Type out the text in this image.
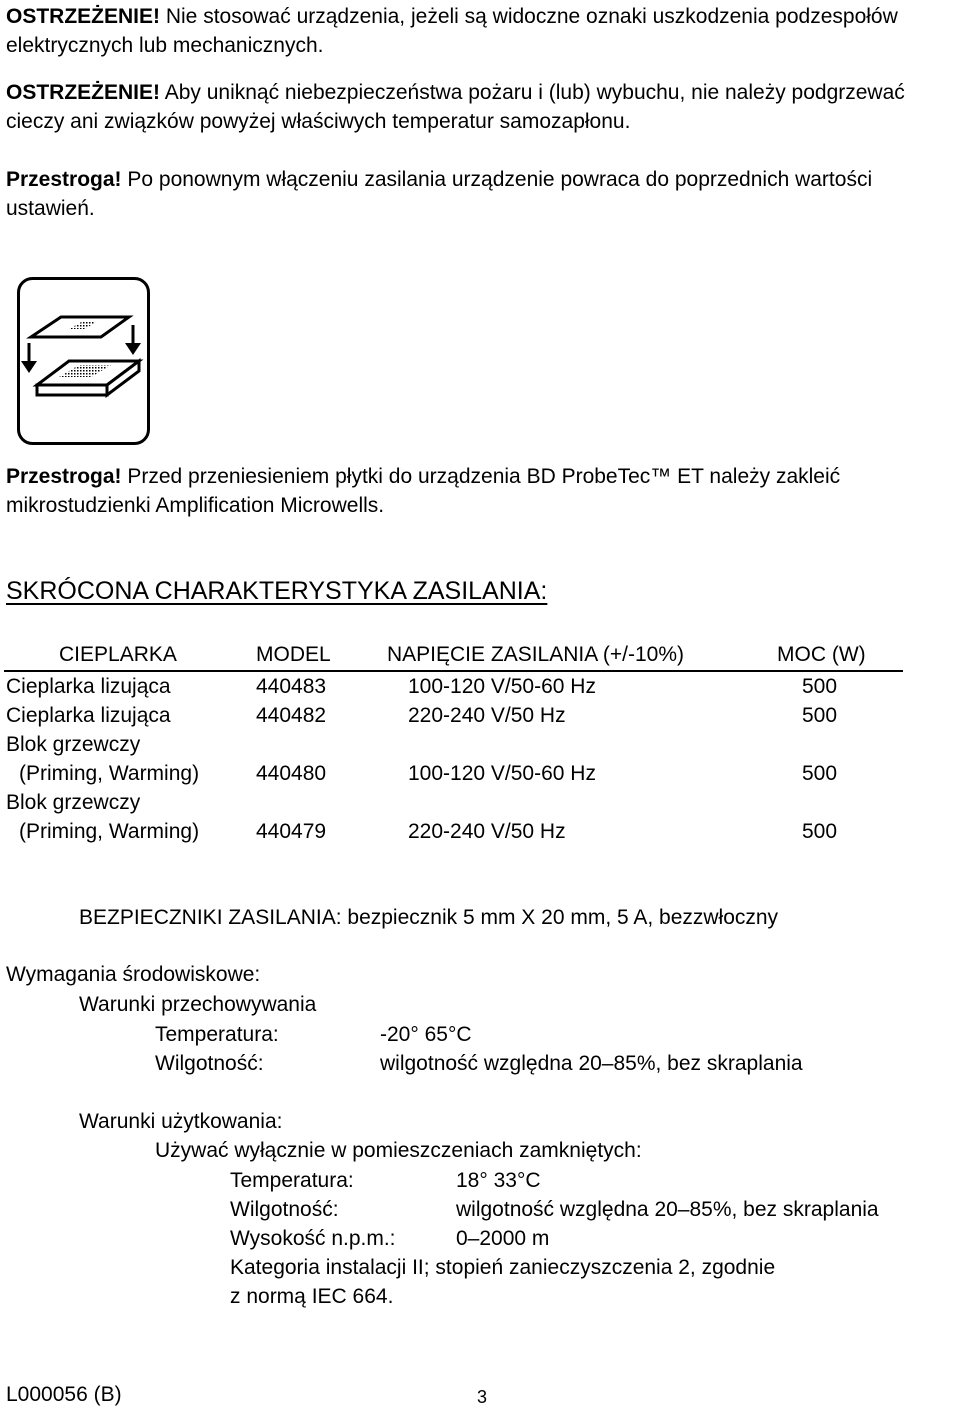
OSTRZEŻENIE! Nie stosować urządzenia, jeżeli są widoczne oznaki uszkodzenia podzespołów elektrycznych lub mechanicznych.
OSTRZEŻENIE! Aby uniknąć niebezpieczeństwa pożaru i (lub) wybuchu, nie należy podgrzewać cieczy ani związków powyżej właściwych temperatur samozapłonu.
Przestroga! Po ponownym włączeniu zasilania urządzenie powraca do poprzednich wartości ustawień.
Przestroga! Przed przeniesieniem płytki do urządzenia BD ProbeTec™ ET należy zakleić mikrostudzienki Amplification Microwells.
SKRÓCONA CHARAKTERYSTYKA ZASILANIA:
CIEPLARKA	MODEL	NAPIĘCIE ZASILANIA (+/-10%)	MOC (W)
Cieplarka lizująca	440483	100-120 V/50-60 Hz	500
Cieplarka lizująca	440482	220-240 V/50 Hz	500
Blok grzewczy
(Priming, Warming)	440480	100-120 V/50-60 Hz	500
Blok grzewczy
(Priming, Warming)	440479	220-240 V/50 Hz	500
BEZPIECZNIKI ZASILANIA: bezpiecznik 5 mm X 20 mm, 5 A, bezzwłoczny
Wymagania środowiskowe:
Warunki przechowywania
Temperatura:	-20° 65°C
Wilgotność:	wilgotność względna 20–85%, bez skraplania
Warunki użytkowania:
Używać wyłącznie w pomieszczeniach zamkniętych:
Temperatura:	18° 33°C
Wilgotność:	wilgotność względna 20–85%, bez skraplania
Wysokość n.p.m.:	0–2000 m
Kategoria instalacji II; stopień zanieczyszczenia 2, zgodnie
z normą IEC 664.
L000056 (B)	3
